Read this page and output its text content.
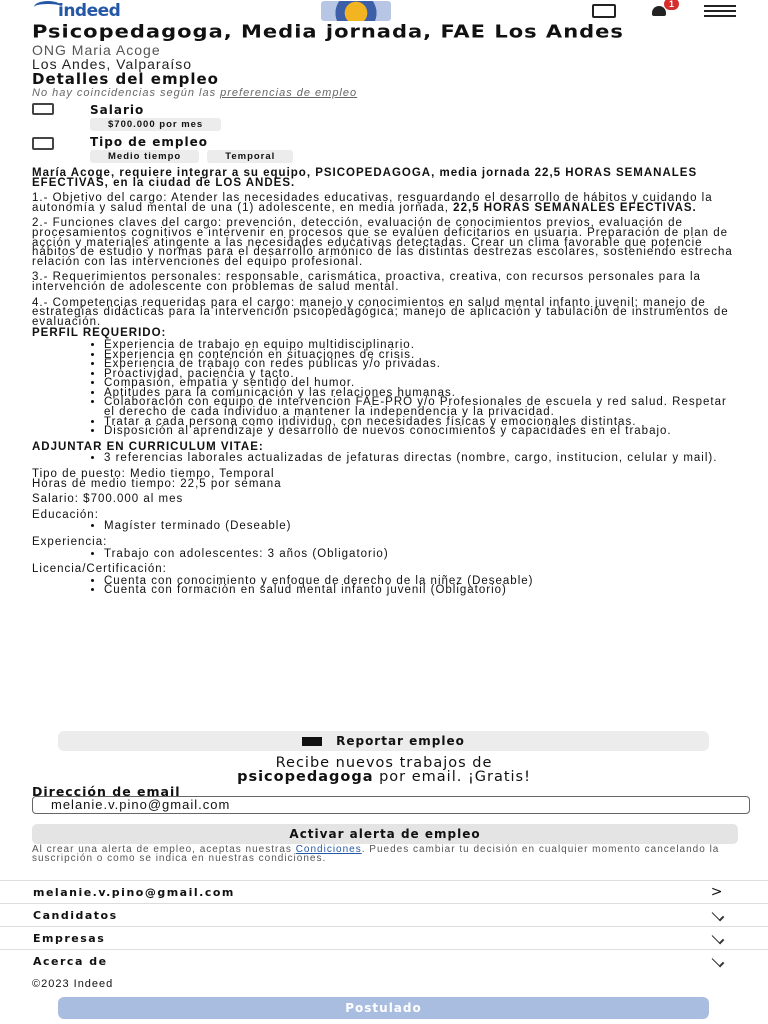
indeed	1
Psicopedagoga, Media jornada, FAE Los Andes
ONG Maria Acoge
Los Andes, Valparaíso
Detalles del empleo
No hay coincidencias según las preferencias de empleo
Salario
$700.000 por mes
Tipo de empleo
Medio tiempo	Temporal

María Acoge, requiere integrar a su equipo, PSICOPEDAGOGA, media jornada 22,5 HORAS SEMANALES EFECTIVAS, en la ciudad de LOS ANDES.

1.- Objetivo del cargo: Atender las necesidades educativas, resguardando el desarrollo de hábitos y cuidando la autonomía y salud mental de una (1) adolescente, en media jornada, 22,5 HORAS SEMANALES EFECTIVAS.

2.- Funciones claves del cargo: prevención, detección, evaluación de conocimientos previos, evaluación de procesamientos cognitivos e intervenir en procesos que se evalúen deficitarios en usuaria. Preparación de plan de acción y materiales atingente a las necesidades educativas detectadas. Crear un clima favorable que potencie hábitos de estudio y normas para el desarrollo armónico de las distintas destrezas escolares, sosteniendo estrecha relación con las intervenciones del equipo profesional.

3.- Requerimientos personales: responsable, carismática, proactiva, creativa, con recursos personales para la intervención de adolescente con problemas de salud mental.

4.- Competencias requeridas para el cargo: manejo y conocimientos en salud mental infanto juvenil; manejo de estrategias didácticas para la intervención psicopedagógica; manejo de aplicación y tabulación de instrumentos de evaluación.

PERFIL REQUERIDO:
• Experiencia de trabajo en equipo multidisciplinario.
• Experiencia en contención en situaciones de crisis.
• Experiencia de trabajo con redes públicas y/o privadas.
• Proactividad, paciencia y tacto.
• Compasión, empatía y sentido del humor.
• Aptitudes para la comunicación y las relaciones humanas.
• Colaboración con equipo de intervencion FAE-PRO y/o Profesionales de escuela y red salud. Respetar el derecho de cada individuo a mantener la independencia y la privacidad.
• Tratar a cada persona como individuo, con necesidades físicas y emocionales distintas.
• Disposición al aprendizaje y desarrollo de nuevos conocimientos y capacidades en el trabajo.
ADJUNTAR EN CURRICULUM VITAE:
• 3 referencias laborales actualizadas de jefaturas directas (nombre, cargo, institucion, celular y mail).
Tipo de puesto: Medio tiempo, Temporal
Horas de medio tiempo: 22,5 por semana
Salario: $700.000 al mes
Educación:
• Magíster terminado (Deseable)
Experiencia:
• Trabajo con adolescentes: 3 años (Obligatorio)
Licencia/Certificación:
• Cuenta con conocimiento y enfoque de derecho de la niñez (Deseable)
• Cuenta con formación en salud mental infanto juvenil (Obligatorio)
Reportar empleo
Recibe nuevos trabajos de
psicopedagoga por email. ¡Gratis!
Dirección de email
melanie.v.pino@gmail.com
Activar alerta de empleo
Al crear una alerta de empleo, aceptas nuestras Condiciones. Puedes cambiar tu decisión en cualquier momento cancelando la suscripción o como se indica en nuestras condiciones.
melanie.v.pino@gmail.com	>
Candidatos
Empresas
Acerca de
©2023 Indeed
Postulado
